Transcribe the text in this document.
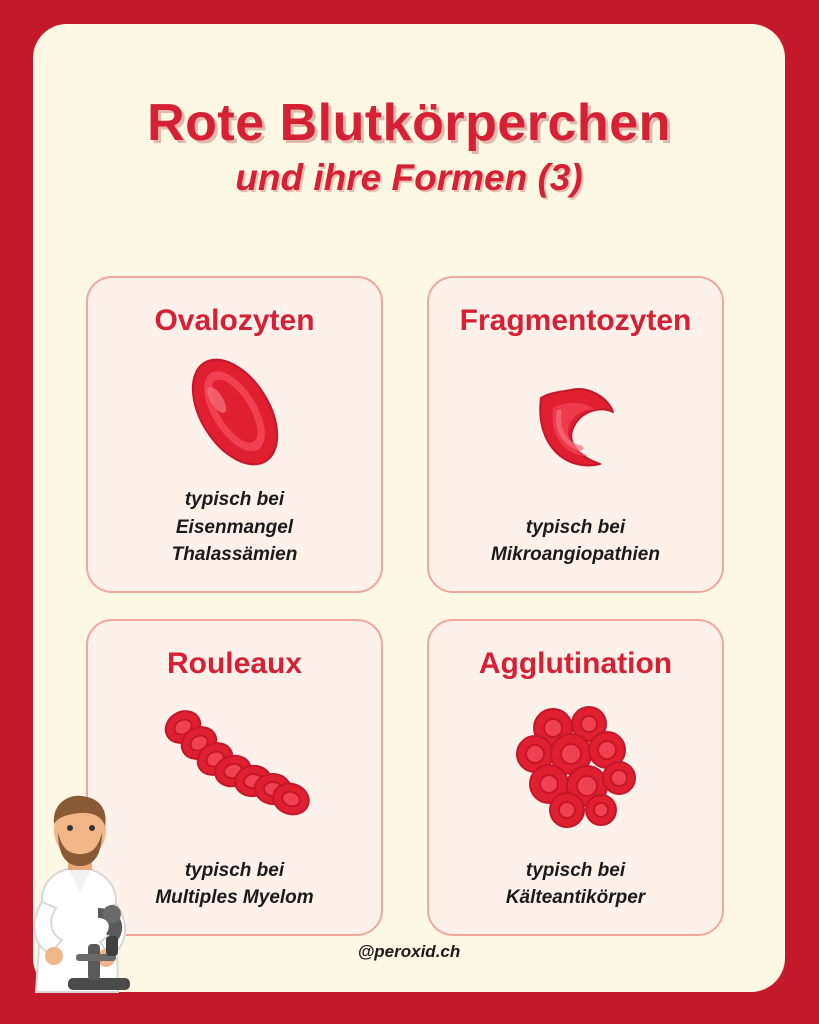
Rote Blutkörperchen
und ihre Formen (3)
Ovalozyten
typisch bei
Eisenmangel
Thalassämien
Fragmentozyten
typisch bei
Mikroangiopathien
Rouleaux
typisch bei
Multiples Myelom
Agglutination
typisch bei
Kälteantikörper
@peroxid.ch
